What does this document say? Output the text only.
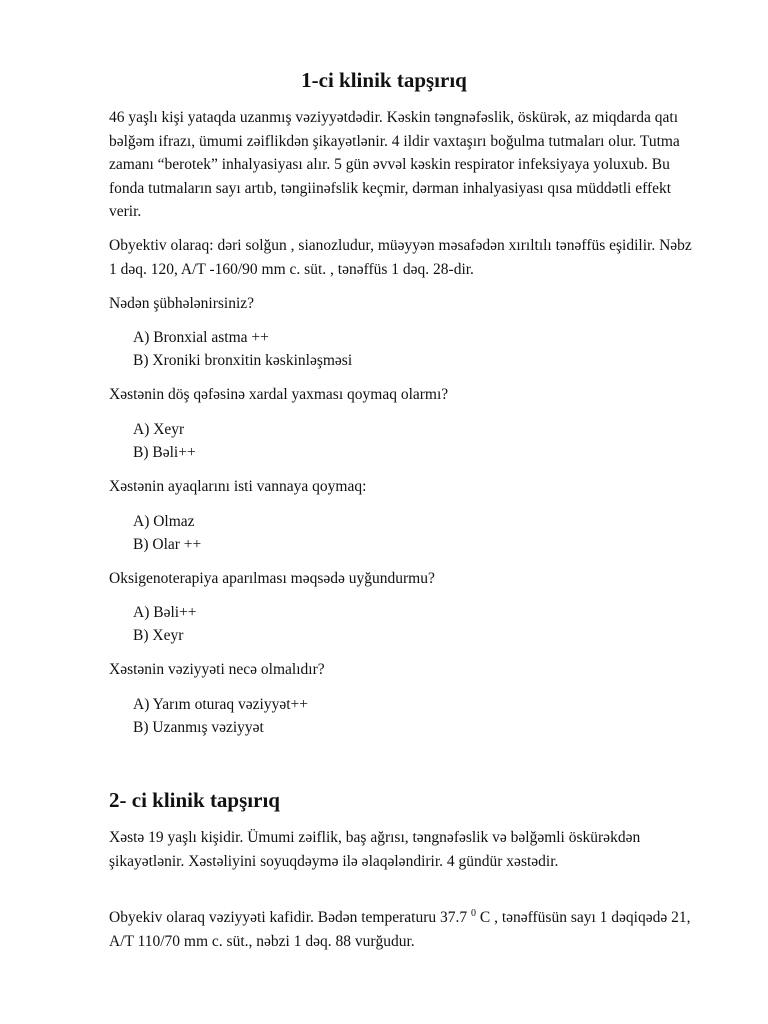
1-ci klinik tapşırıq
46 yaşlı kişi yataqda uzanmış vəziyyətdədir. Kəskin təngnəfəslik, öskürək, az miqdarda qatı bəlğəm ifrazı, ümumi zəiflikdən şikayətlənir. 4 ildir vaxtaşırı boğulma tutmaları olur. Tutma zamanı “berotek” inhalyasiyası alır. 5 gün əvvəl kəskin respirator infeksiyaya yoluxub. Bu fonda tutmaların sayı artıb, təngiinəfslik keçmir, dərman inhalyasiyası qısa müddətli effekt verir.
Obyektiv olaraq: dəri solğun , sianozludur, müəyyən məsafədən xırıltılı tənəffüs eşidilir. Nəbz 1 dəq. 120, A/T -160/90 mm c. süt. , tənəffüs 1 dəq. 28-dir.
Nədən şübhələnirsiniz?
A) Bronxial astma ++
B) Xroniki bronxitin kəskinləşməsi
Xəstənin döş qəfəsinə xardal yaxması qoymaq olarmı?
A) Xeyr
B) Bəli++
Xəstənin ayaqlarını isti vannaya qoymaq:
A) Olmaz
B) Olar ++
Oksigenoterapiya aparılması məqsədə uyğundurmu?
A) Bəli++
B) Xeyr
Xəstənin vəziyyəti necə olmalıdır?
A) Yarım oturaq vəziyyət++
B) Uzanmış vəziyyət
2- ci klinik tapşırıq
Xəstə 19 yaşlı kişidir. Ümumi zəiflik, baş ağrısı, təngnəfəslik və bəlğəmli öskürəkdən şikayətlənir. Xəstəliyini soyuqdəymə ilə əlaqələndirir. 4 gündür xəstədir.
Obyekiv olaraq vəziyyəti kafidir. Bədən temperaturu 37.7 $^0$ C , tənəffüsün sayı 1 dəqiqədə 21, A/T 110/70 mm c. süt., nəbzi 1 dəq. 88 vurğudur.
